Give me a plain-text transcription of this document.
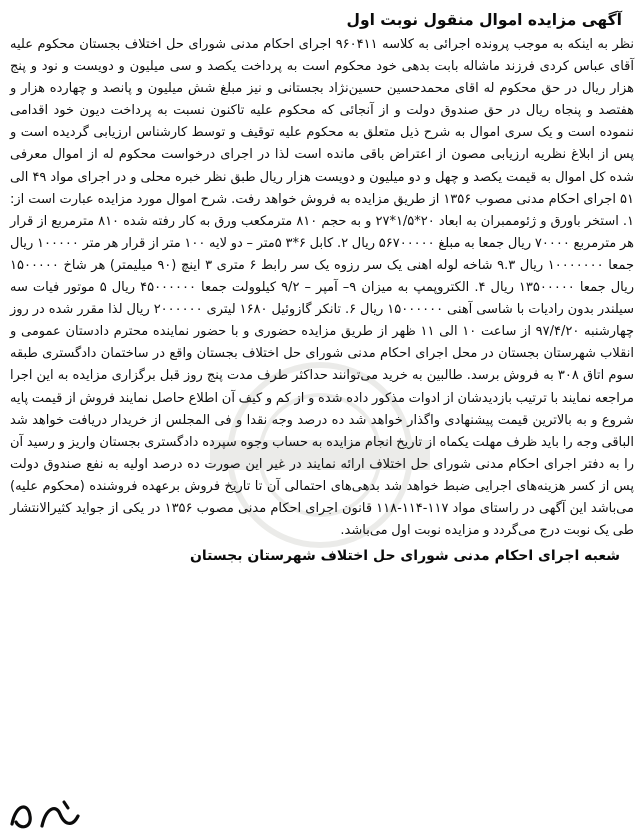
آگهی مزایده اموال منقول نوبت اول

نظر به اینکه به موجب پرونده اجرائی به کلاسه ۹۶۰۴۱۱ اجرای احکام مدنی شورای حل اختلاف بجستان محکوم علیه آقای عباس کردی فرزند ماشاله بابت بدهی خود محکوم است به پرداخت یکصد و سی میلیون و دویست و نود و پنج هزار ریال در حق محکوم له اقای محمدحسین حسین‌نژاد بجستانی و نیز مبلغ شش میلیون و پانصد و چهارده هزار و هفتصد و پنجاه ریال در حق صندوق دولت و از آنجائی که محکوم علیه تاکنون نسبت به پرداخت دیون خود اقدامی ننموده است و یک سری اموال به شرح ذیل متعلق به محکوم علیه توقیف و توسط کارشناس ارزیابی گردیده است و پس از ابلاغ نظریه ارزیابی مصون از اعتراض باقی مانده است لذا در اجرای درخواست محکوم له از اموال معرفی شده کل اموال به قیمت یکصد و چهل و دو میلیون و دویست هزار ریال طبق نظر خبره محلی و در اجرای مواد ۴۹ الی ۵۱ اجرای احکام مدنی مصوب ۱۳۵۶ از طریق مزایده به فروش خواهد رفت. شرح اموال مورد مزایده عبارت است از: ۱. استخر باورق و ژئوممبران به ابعاد ۲۰*۱/۵*۲۷ و به حجم ۸۱۰ مترمکعب ورق به کار رفته شده ۸۱۰ مترمربع از قرار هر مترمربع ۷۰۰۰۰ ریال جمعا به مبلغ ۵۶۷۰۰۰۰۰ ریال ۲. کابل ۶*۳ ۵متر – دو لایه ۱۰۰ متر از قرار هر متر ۱۰۰۰۰۰ ریال جمعا ۱۰۰۰۰۰۰۰ ریال ۹.۳ شاخه لوله اهنی یک سر رزوه یک سر رابط ۶ متری ۳ اینچ (۹۰ میلیمتر) هر شاخ ۱۵۰۰۰۰۰ ریال جمعا ۱۳۵۰۰۰۰۰ ریال ۴. الکتروپمپ به میزان ۹– آمپر – ۹/۲ کیلوولت جمعا ۴۵۰۰۰۰۰۰ ریال ۵ موتور فیات سه سیلندر بدون رادیات با شاسی آهنی ۱۵۰۰۰۰۰۰ ریال ۶. تانکر گازوئیل ۱۶۸۰ لیتری ۲۰۰۰۰۰۰ ریال لذا مقرر شده در روز چهارشنبه ۹۷/۴/۲۰ از ساعت ۱۰ الی ۱۱ ظهر از طریق مزایده حضوری و با حضور نماینده محترم دادستان عمومی و انقلاب شهرستان بجستان در محل اجرای احکام مدنی شورای حل اختلاف بجستان واقع در ساختمان دادگستری طبقه سوم اتاق ۳۰۸ به فروش برسد. طالبین به خرید می‌توانند حداکثر طرف مدت پنج روز قبل برگزاری مزایده به این اجرا مراجعه نمایند با ترتیب بازدیدشان از ادوات مذکور داده شده و از کم و کیف آن اطلاع حاصل نمایند فروش از قیمت پایه شروع و به بالاترین قیمت پیشنهادی واگذار خواهد شد ده درصد وجه نقدا و فی المجلس از خریدار دریافت خواهد شد الباقی وجه را باید ظرف مهلت یکماه از تاریخ انجام مزایده به حساب وجوه سپرده دادگستری بجستان واریز و رسید آن را به دفتر اجرای احکام مدنی شورای حل اختلاف ارائه نمایند در غیر این صورت ده درصد اولیه به نفع صندوق دولت پس از کسر هزینه‌های اجرایی ضبط خواهد شد بدهی‌های احتمالی آن تا تاریخ فروش برعهده فروشنده (محکوم علیه) می‌باشد این آگهی در راستای مواد ۱۱۷-۱۱۴-۱۱۸ قانون اجرای احکام مدنی مصوب ۱۳۵۶ در یکی از جواید کثیرالانتشار طی یک نوبت درج می‌گردد و مزایده نوبت اول می‌باشد.

شعبه اجرای احکام مدنی شورای حل اختلاف شهرستان بجستان
